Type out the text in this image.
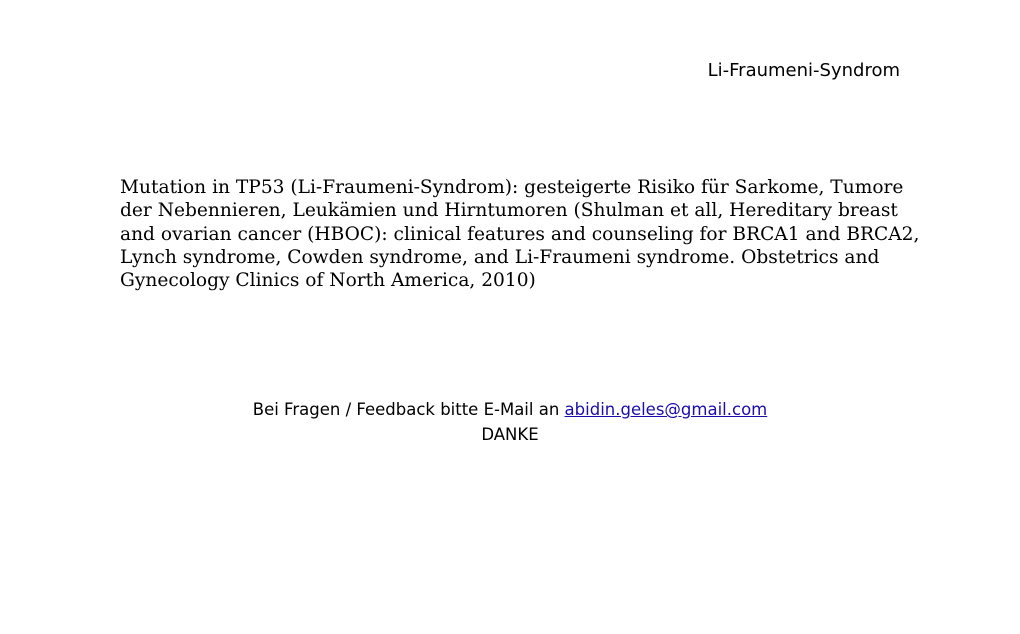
Li-Fraumeni-Syndrom
Mutation in TP53 (Li-Fraumeni-Syndrom): gesteigerte Risiko für Sarkome, Tumore der Nebennieren, Leukämien und Hirntumoren (Shulman et all, Hereditary breast and ovarian cancer (HBOC): clinical features and counseling for BRCA1 and BRCA2, Lynch syndrome, Cowden syndrome, and Li-Fraumeni syndrome. Obstetrics and Gynecology Clinics of North America, 2010)
Bei Fragen / Feedback bitte E-Mail an abidin.geles@gmail.com
DANKE
